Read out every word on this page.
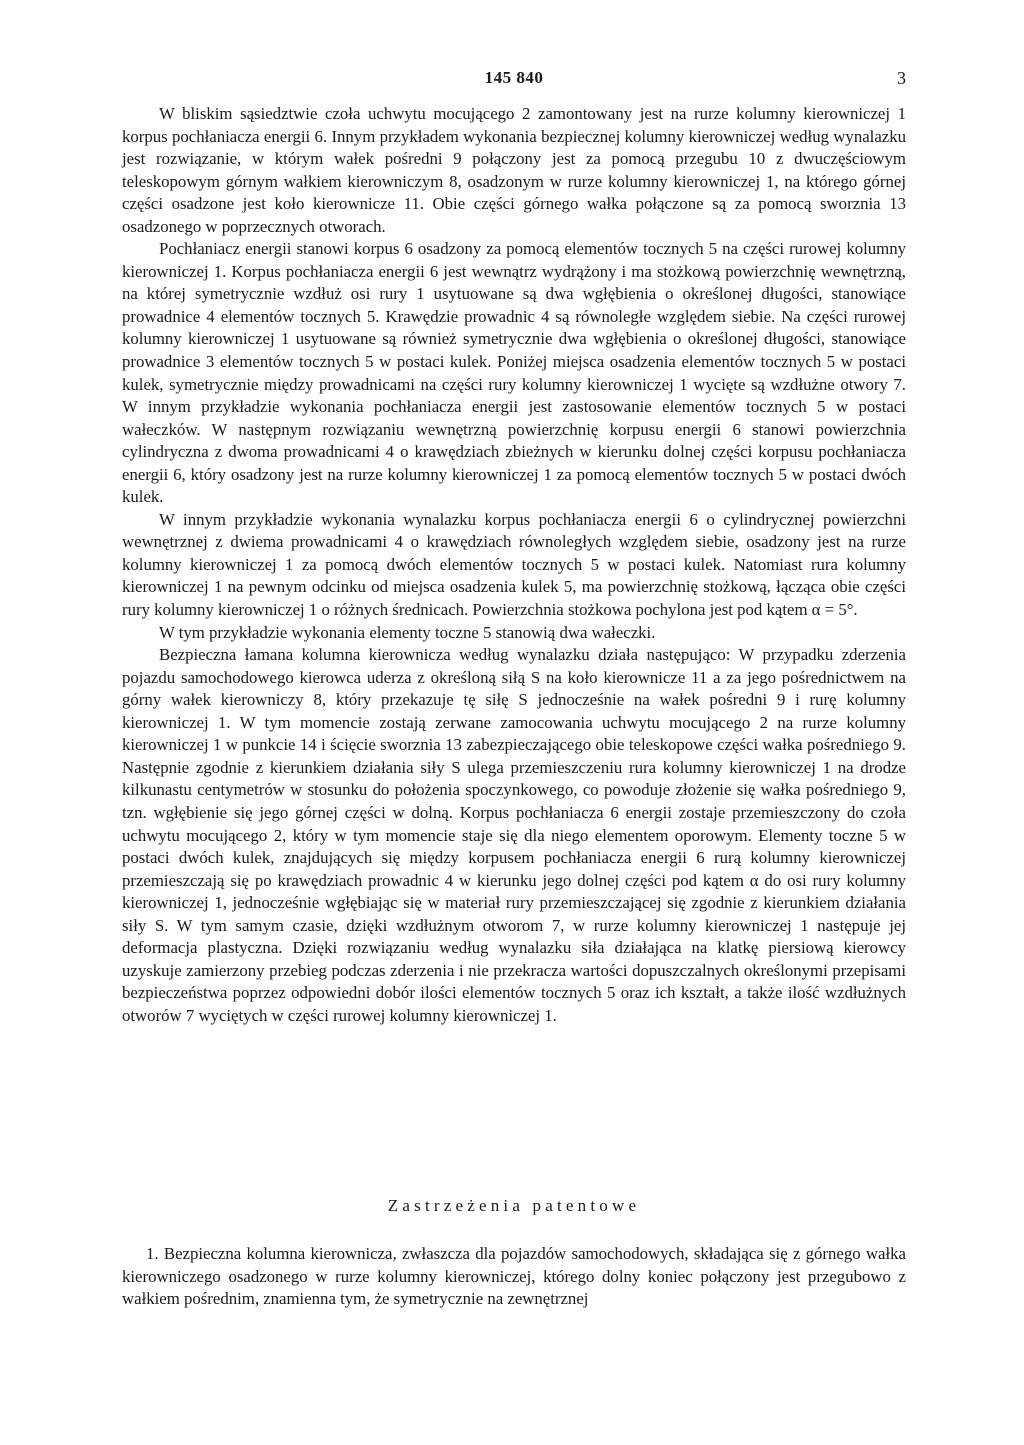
145 840	3

W bliskim sąsiedztwie czoła uchwytu mocującego 2 zamontowany jest na rurze kolumny kierowniczej 1 korpus pochłaniacza energii 6. Innym przykładem wykonania bezpiecznej kolumny kierowniczej według wynalazku jest rozwiązanie, w którym wałek pośredni 9 połączony jest za pomocą przegubu 10 z dwuczęściowym teleskopowym górnym wałkiem kierowniczym 8, osadzonym w rurze kolumny kierowniczej 1, na którego górnej części osadzone jest koło kierownicze 11. Obie części górnego wałka połączone są za pomocą sworznia 13 osadzonego w poprzecznych otworach.

Pochłaniacz energii stanowi korpus 6 osadzony za pomocą elementów tocznych 5 na części rurowej kolumny kierowniczej 1. Korpus pochłaniacza energii 6 jest wewnątrz wydrążony i ma stożkową powierzchnię wewnętrzną, na której symetrycznie wzdłuż osi rury 1 usytuowane są dwa wgłębienia o określonej długości, stanowiące prowadnice 4 elementów tocznych 5. Krawędzie prowadnic 4 są równoległe względem siebie. Na części rurowej kolumny kierowniczej 1 usytuowane są również symetrycznie dwa wgłębienia o określonej długości, stanowiące prowadnice 3 elementów tocznych 5 w postaci kulek. Poniżej miejsca osadzenia elementów tocznych 5 w postaci kulek, symetrycznie między prowadnicami na części rury kolumny kierowniczej 1 wycięte są wzdłużne otwory 7. W innym przykładzie wykonania pochłaniacza energii jest zastosowanie elementów tocznych 5 w postaci wałeczków. W następnym rozwiązaniu wewnętrzną powierzchnię korpusu energii 6 stanowi powierzchnia cylindryczna z dwoma prowadnicami 4 o krawędziach zbieżnych w kierunku dolnej części korpusu pochłaniacza energii 6, który osadzony jest na rurze kolumny kierowniczej 1 za pomocą elementów tocznych 5 w postaci dwóch kulek.

W innym przykładzie wykonania wynalazku korpus pochłaniacza energii 6 o cylindrycznej powierzchni wewnętrznej z dwiema prowadnicami 4 o krawędziach równoległych względem siebie, osadzony jest na rurze kolumny kierowniczej 1 za pomocą dwóch elementów tocznych 5 w postaci kulek. Natomiast rura kolumny kierowniczej 1 na pewnym odcinku od miejsca osadzenia kulek 5, ma powierzchnię stożkową, łącząca obie części rury kolumny kierowniczej 1 o różnych średnicach. Powierzchnia stożkowa pochylona jest pod kątem α = 5°.

W tym przykładzie wykonania elementy toczne 5 stanowią dwa wałeczki.

Bezpieczna łamana kolumna kierownicza według wynalazku działa następująco: W przypadku zderzenia pojazdu samochodowego kierowca uderza z określoną siłą S na koło kierownicze 11 a za jego pośrednictwem na górny wałek kierowniczy 8, który przekazuje tę siłę S jednocześnie na wałek pośredni 9 i rurę kolumny kierowniczej 1. W tym momencie zostają zerwane zamocowania uchwytu mocującego 2 na rurze kolumny kierowniczej 1 w punkcie 14 i ścięcie sworznia 13 zabezpieczającego obie teleskopowe części wałka pośredniego 9. Następnie zgodnie z kierunkiem działania siły S ulega przemieszczeniu rura kolumny kierowniczej 1 na drodze kilkunastu centymetrów w stosunku do położenia spoczynkowego, co powoduje złożenie się wałka pośredniego 9, tzn. wgłębienie się jego górnej części w dolną. Korpus pochłaniacza 6 energii zostaje przemieszczony do czoła uchwytu mocującego 2, który w tym momencie staje się dla niego elementem oporowym. Elementy toczne 5 w postaci dwóch kulek, znajdujących się między korpusem pochłaniacza energii 6 rurą kolumny kierowniczej przemieszczają się po krawędziach prowadnic 4 w kierunku jego dolnej części pod kątem α do osi rury kolumny kierowniczej 1, jednocześnie wgłębiając się w materiał rury przemieszczającej się zgodnie z kierunkiem działania siły S. W tym samym czasie, dzięki wzdłużnym otworom 7, w rurze kolumny kierowniczej 1 następuje jej deformacja plastyczna. Dzięki rozwiązaniu według wynalazku siła działająca na klatkę piersiową kierowcy uzyskuje zamierzony przebieg podczas zderzenia i nie przekracza wartości dopuszczalnych określonymi przepisami bezpieczeństwa poprzez odpowiedni dobór ilości elementów tocznych 5 oraz ich kształt, a także ilość wzdłużnych otworów 7 wyciętych w części rurowej kolumny kierowniczej 1.

Zastrzeżenia patentowe

1. Bezpieczna kolumna kierownicza, zwłaszcza dla pojazdów samochodowych, składająca się z górnego wałka kierowniczego osadzonego w rurze kolumny kierowniczej, którego dolny koniec połączony jest przegubowo z wałkiem pośrednim, znamienna tym, że symetrycznie na zewnętrznej
